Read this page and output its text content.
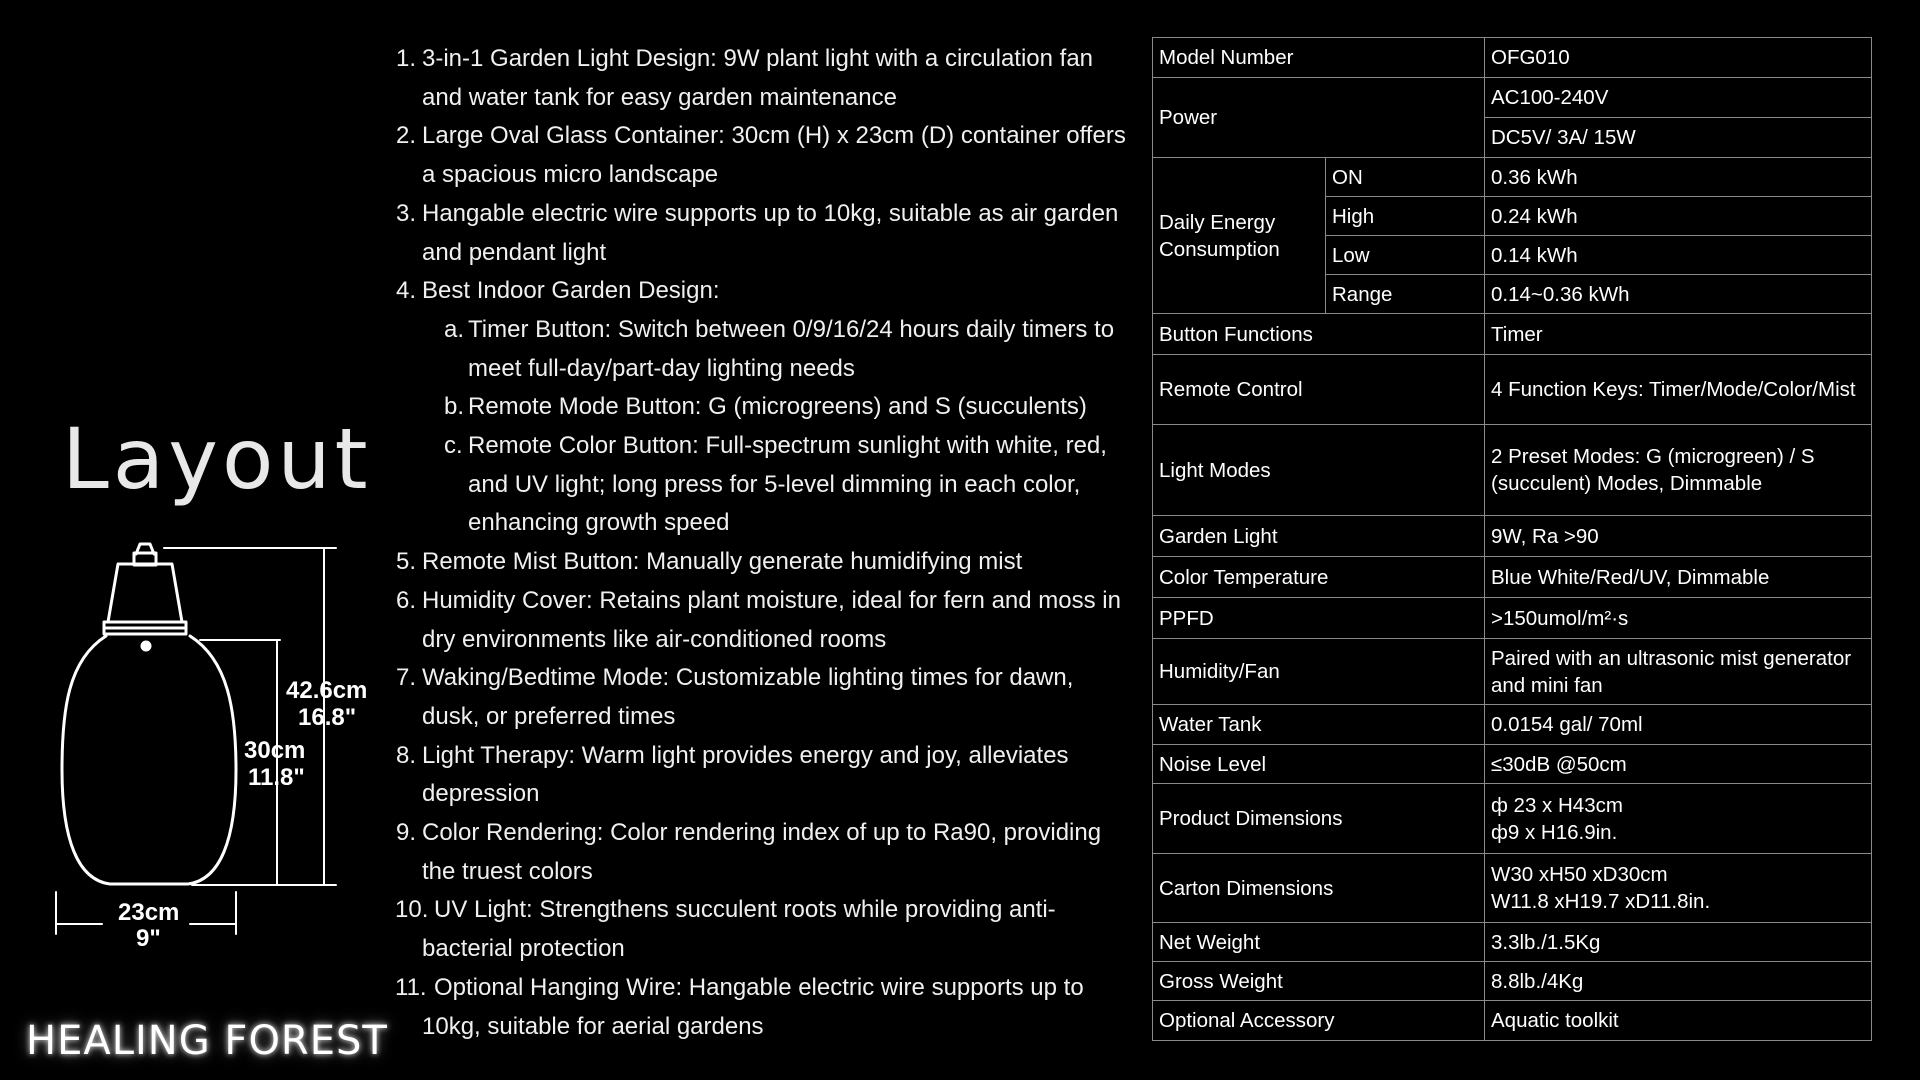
Layout
42.6cm
16.8"
30cm
11.8"
23cm
9"
HEALING FOREST
1. 3-in-1 Garden Light Design: 9W plant light with a circulation fan and water tank for easy garden maintenance
2. Large Oval Glass Container: 30cm (H) x 23cm (D) container offers a spacious micro landscape
3. Hangable electric wire supports up to 10kg, suitable as air garden and pendant light
4. Best Indoor Garden Design:
a. Timer Button: Switch between 0/9/16/24 hours daily timers to meet full-day/part-day lighting needs
b. Remote Mode Button: G (microgreens) and S (succulents)
c. Remote Color Button: Full-spectrum sunlight with white, red, and UV light; long press for 5-level dimming in each color, enhancing growth speed
5. Remote Mist Button: Manually generate humidifying mist
6. Humidity Cover: Retains plant moisture, ideal for fern and moss in dry environments like air-conditioned rooms
7. Waking/Bedtime Mode: Customizable lighting times for dawn, dusk, or preferred times
8. Light Therapy: Warm light provides energy and joy, alleviates depression
9. Color Rendering: Color rendering index of up to Ra90, providing the truest colors
10. UV Light: Strengthens succulent roots while providing anti-bacterial protection
11. Optional Hanging Wire: Hangable electric wire supports up to 10kg, suitable for aerial gardens
Model Number		OFG010
Power		AC100-240V
		DC5V/ 3A/ 15W
Daily Energy Consumption	ON	0.36 kWh
	High	0.24 kWh
	Low	0.14 kWh
	Range	0.14~0.36 kWh
Button Functions		Timer
Remote Control		4 Function Keys: Timer/Mode/Color/Mist
Light Modes		2 Preset Modes: G (microgreen) / S (succulent) Modes, Dimmable
Garden Light		9W, Ra >90
Color Temperature		Blue White/Red/UV, Dimmable
PPFD		>150umol/m²·s
Humidity/Fan		Paired with an ultrasonic mist generator and mini fan
Water Tank		0.0154 gal/ 70ml
Noise Level		≤30dB @50cm
Product Dimensions		ф 23 x H43cm
ф9 x H16.9in.

Carton Dimensions		W30 xH50 xD30cm
W11.8 xH19.7 xD11.8in.

Net Weight		3.3lb./1.5Kg
Gross Weight		8.8lb./4Kg
Optional Accessory		Aquatic toolkit
